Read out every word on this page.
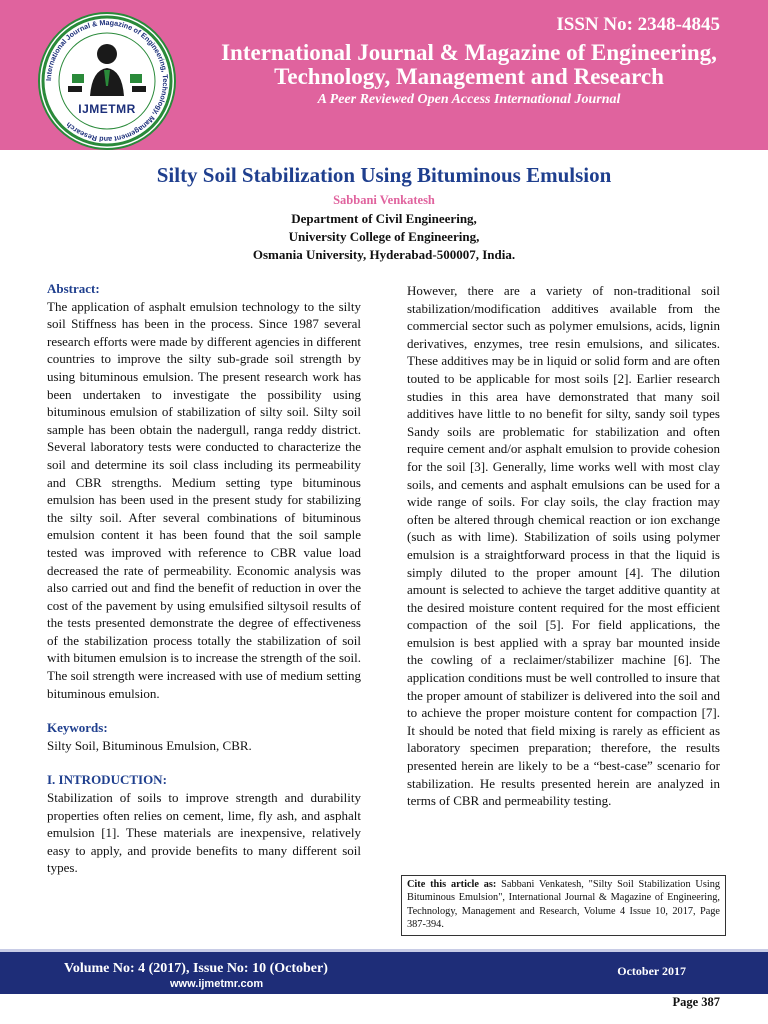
International Journal & Magazine of Engineering, Technology, Management and Research
IJMETMR
ISSN No: 2348-4845
International Journal & Magazine of Engineering,
Technology, Management and Research
A Peer Reviewed Open Access International Journal
Silty Soil Stabilization Using Bituminous Emulsion
Sabbani Venkatesh
Department of Civil Engineering,
University College of Engineering,
Osmania University, Hyderabad-500007, India.

Abstract:

The application of asphalt emulsion technology to the silty soil Stiffness has been in the process. Since 1987 several research efforts were made by different agencies in different countries to improve the silty sub-grade soil strength by using bituminous emulsion. The present research work has been undertaken to investigate the possibility using bituminous emulsion of stabilization of silty soil. Silty soil sample has been obtain the nadergull, ranga reddy district. Several laboratory tests were conducted to characterize the soil and determine its soil class including its permeability and CBR strengths. Medium setting type bituminous emulsion has been used in the present study for stabilizing the silty soil. After several combinations of bituminous emulsion content it has been found that the soil sample tested was improved with reference to CBR value load decreased the rate of permeability. Economic analysis was also carried out and find the benefit of reduction in over the cost of the pavement by using emulsified siltysoil results of the tests presented demonstrate the degree of effectiveness of the stabilization process totally the stabilization of soil with bitumen emulsion is to increase the strength of the soil. The soil strength were increased with use of medium setting bituminous emulsion.

Keywords:

Silty Soil, Bituminous Emulsion, CBR.

I. INTRODUCTION:

Stabilization of soils to improve strength and durability properties often relies on cement, lime, fly ash, and asphalt emulsion [1]. These materials are inexpensive, relatively easy to apply, and provide benefits to many different soil types.

However, there are a variety of non-traditional soil stabilization/modification additives available from the commercial sector such as polymer emulsions, acids, lignin derivatives, enzymes, tree resin emulsions, and silicates. These additives may be in liquid or solid form and are often touted to be applicable for most soils [2]. Earlier research studies in this area have demonstrated that many soil additives have little to no benefit for silty, sandy soil types Sandy soils are problematic for stabilization and often require cement and/or asphalt emulsion to provide cohesion for the soil [3]. Generally, lime works well with most clay soils, and cements and asphalt emulsions can be used for a wide range of soils. For clay soils, the clay fraction may often be altered through chemical reaction or ion exchange (such as with lime). Stabilization of soils using polymer emulsion is a straightforward process in that the liquid is simply diluted to the proper amount [4]. The dilution amount is selected to achieve the target additive quantity at the desired moisture content required for the most efficient compaction of the soil [5]. For field applications, the emulsion is best applied with a spray bar mounted inside the cowling of a reclaimer/stabilizer machine [6]. The application conditions must be well controlled to insure that the proper amount of stabilizer is delivered into the soil and to achieve the proper moisture content for compaction [7]. It should be noted that field mixing is rarely as efficient as laboratory specimen preparation; therefore, the results presented herein are likely to be a “best-case” scenario for stabilization. He results presented herein are analyzed in terms of CBR and permeability testing.

Cite this article as: Sabbani Venkatesh, "Silty Soil Stabilization Using Bituminous Emulsion", International Journal & Magazine of Engineering, Technology, Management and Research, Volume 4 Issue 10, 2017, Page 387-394.
Volume No: 4 (2017), Issue No: 10 (October)
www.ijmetmr.com
October 2017
Page 387
